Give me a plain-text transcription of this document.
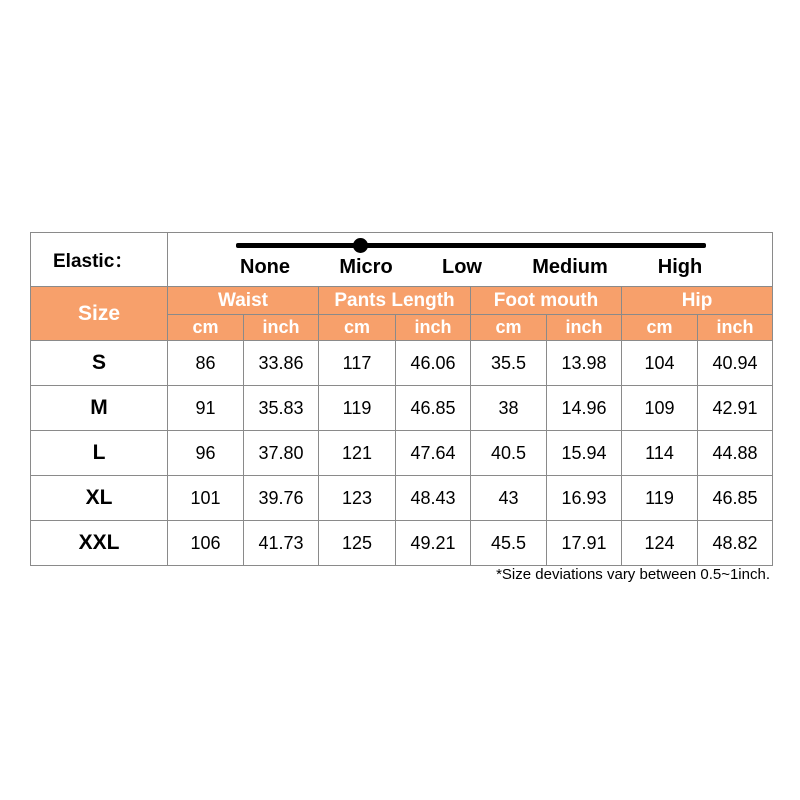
Elastic：	None Micro Low Medium High							

Size	Waist		Pants Length		Foot mouth		Hip	
	cm	inch	cm	inch	cm	inch	cm	inch
S	86	33.86	117	46.06	35.5	13.98	104	40.94
M	91	35.83	119	46.85	38	14.96	109	42.91
L	96	37.80	121	47.64	40.5	15.94	114	44.88
XL	101	39.76	123	48.43	43	16.93	119	46.85
XXL	106	41.73	125	49.21	45.5	17.91	124	48.82
*Size deviations vary between 0.5~1inch.
